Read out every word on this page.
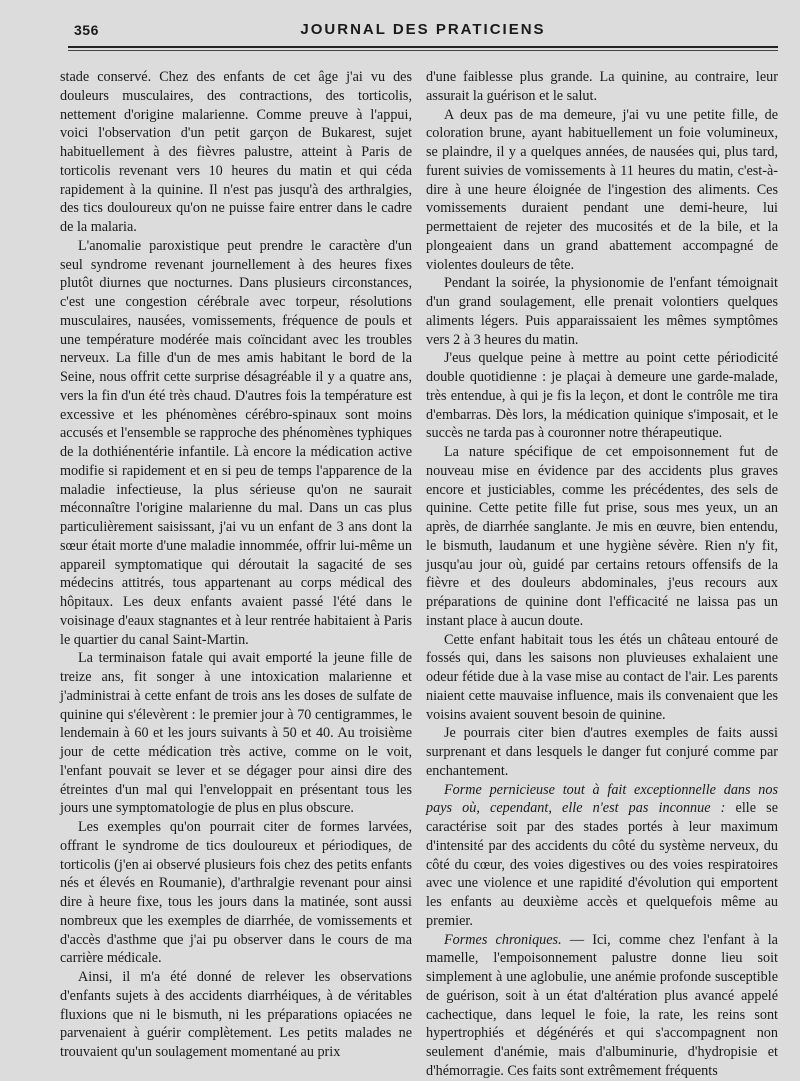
356	JOURNAL DES PRATICIENS

stade conservé. Chez des enfants de cet âge j'ai vu des douleurs musculaires, des contractions, des torticolis, nettement d'origine malarienne. Comme preuve à l'appui, voici l'observation d'un petit garçon de Bukarest, sujet habituellement à des fièvres palustre, atteint à Paris de torticolis revenant vers 10 heures du matin et qui céda rapidement à la quinine. Il n'est pas jusqu'à des arthralgies, des tics douloureux qu'on ne puisse faire entrer dans le cadre de la malaria.

L'anomalie paroxistique peut prendre le caractère d'un seul syndrome revenant journellement à des heures fixes plutôt diurnes que nocturnes. Dans plusieurs circonstances, c'est une congestion cérébrale avec torpeur, résolutions musculaires, nausées, vomissements, fréquence de pouls et une température modérée mais coïncidant avec les troubles nerveux. La fille d'un de mes amis habitant le bord de la Seine, nous offrit cette surprise désagréable il y a quatre ans, vers la fin d'un été très chaud. D'autres fois la température est excessive et les phénomènes cérébro-spinaux sont moins accusés et l'ensemble se rapproche des phénomènes typhiques de la dothiénentérie infantile. Là encore la médication active modifie si rapidement et en si peu de temps l'apparence de la maladie infectieuse, la plus sérieuse qu'on ne saurait méconnaître l'origine malarienne du mal. Dans un cas plus particulièrement saisissant, j'ai vu un enfant de 3 ans dont la sœur était morte d'une maladie innommée, offrir lui-même un appareil symptomatique qui déroutait la sagacité de ses médecins attitrés, tous appartenant au corps médical des hôpitaux. Les deux enfants avaient passé l'été dans le voisinage d'eaux stagnantes et à leur rentrée habitaient à Paris le quartier du canal Saint-Martin.

La terminaison fatale qui avait emporté la jeune fille de treize ans, fit songer à une intoxication malarienne et j'administrai à cette enfant de trois ans les doses de sulfate de quinine qui s'élevèrent : le premier jour à 70 centigrammes, le lendemain à 60 et les jours suivants à 50 et 40. Au troisième jour de cette médication très active, comme on le voit, l'enfant pouvait se lever et se dégager pour ainsi dire des étreintes d'un mal qui l'enveloppait en présentant tous les jours une symptomatologie de plus en plus obscure.

Les exemples qu'on pourrait citer de formes larvées, offrant le syndrome de tics douloureux et périodiques, de torticolis (j'en ai observé plusieurs fois chez des petits enfants nés et élevés en Roumanie), d'arthralgie revenant pour ainsi dire à heure fixe, tous les jours dans la matinée, sont aussi nombreux que les exemples de diarrhée, de vomissements et d'accès d'asthme que j'ai pu observer dans le cours de ma carrière médicale.

Ainsi, il m'a été donné de relever les observations d'enfants sujets à des accidents diarrhéiques, à de véritables fluxions que ni le bismuth, ni les préparations opiacées ne parvenaient à guérir complètement. Les petits malades ne trouvaient qu'un soulagement momentané au prix

d'une faiblesse plus grande. La quinine, au contraire, leur assurait la guérison et le salut.

A deux pas de ma demeure, j'ai vu une petite fille, de coloration brune, ayant habituellement un foie volumineux, se plaindre, il y a quelques années, de nausées qui, plus tard, furent suivies de vomissements à 11 heures du matin, c'est-à-dire à une heure éloignée de l'ingestion des aliments. Ces vomissements duraient pendant une demi-heure, lui permettaient de rejeter des mucosités et de la bile, et la plongeaient dans un grand abattement accompagné de violentes douleurs de tête.

Pendant la soirée, la physionomie de l'enfant témoignait d'un grand soulagement, elle prenait volontiers quelques aliments légers. Puis apparaissaient les mêmes symptômes vers 2 à 3 heures du matin.

J'eus quelque peine à mettre au point cette périodicité double quotidienne : je plaçai à demeure une garde-malade, très entendue, à qui je fis la leçon, et dont le contrôle me tira d'embarras. Dès lors, la médication quinique s'imposait, et le succès ne tarda pas à couronner notre thérapeutique.

La nature spécifique de cet empoisonnement fut de nouveau mise en évidence par des accidents plus graves encore et justiciables, comme les précédentes, des sels de quinine. Cette petite fille fut prise, sous mes yeux, un an après, de diarrhée sanglante. Je mis en œuvre, bien entendu, le bismuth, laudanum et une hygiène sévère. Rien n'y fit, jusqu'au jour où, guidé par certains retours offensifs de la fièvre et des douleurs abdominales, j'eus recours aux préparations de quinine dont l'efficacité ne laissa pas un instant place à aucun doute.

Cette enfant habitait tous les étés un château entouré de fossés qui, dans les saisons non pluvieuses exhalaient une odeur fétide due à la vase mise au contact de l'air. Les parents niaient cette mauvaise influence, mais ils convenaient que les voisins avaient souvent besoin de quinine.

Je pourrais citer bien d'autres exemples de faits aussi surprenant et dans lesquels le danger fut conjuré comme par enchantement.

Forme pernicieuse tout à fait exceptionnelle dans nos pays où, cependant, elle n'est pas inconnue : elle se caractérise soit par des stades portés à leur maximum d'intensité par des accidents du côté du système nerveux, du côté du cœur, des voies digestives ou des voies respiratoires avec une violence et une rapidité d'évolution qui emportent les enfants au deuxième accès et quelquefois même au premier.

Formes chroniques. — Ici, comme chez l'enfant à la mamelle, l'empoisonnement palustre donne lieu soit simplement à une aglobulie, une anémie profonde susceptible de guérison, soit à un état d'altération plus avancé appelé cachectique, dans lequel le foie, la rate, les reins sont hypertrophiés et dégénérés et qui s'accompagnent non seulement d'anémie, mais d'albuminurie, d'hydropisie et d'hémorragie. Ces faits sont extrêmement fréquents
